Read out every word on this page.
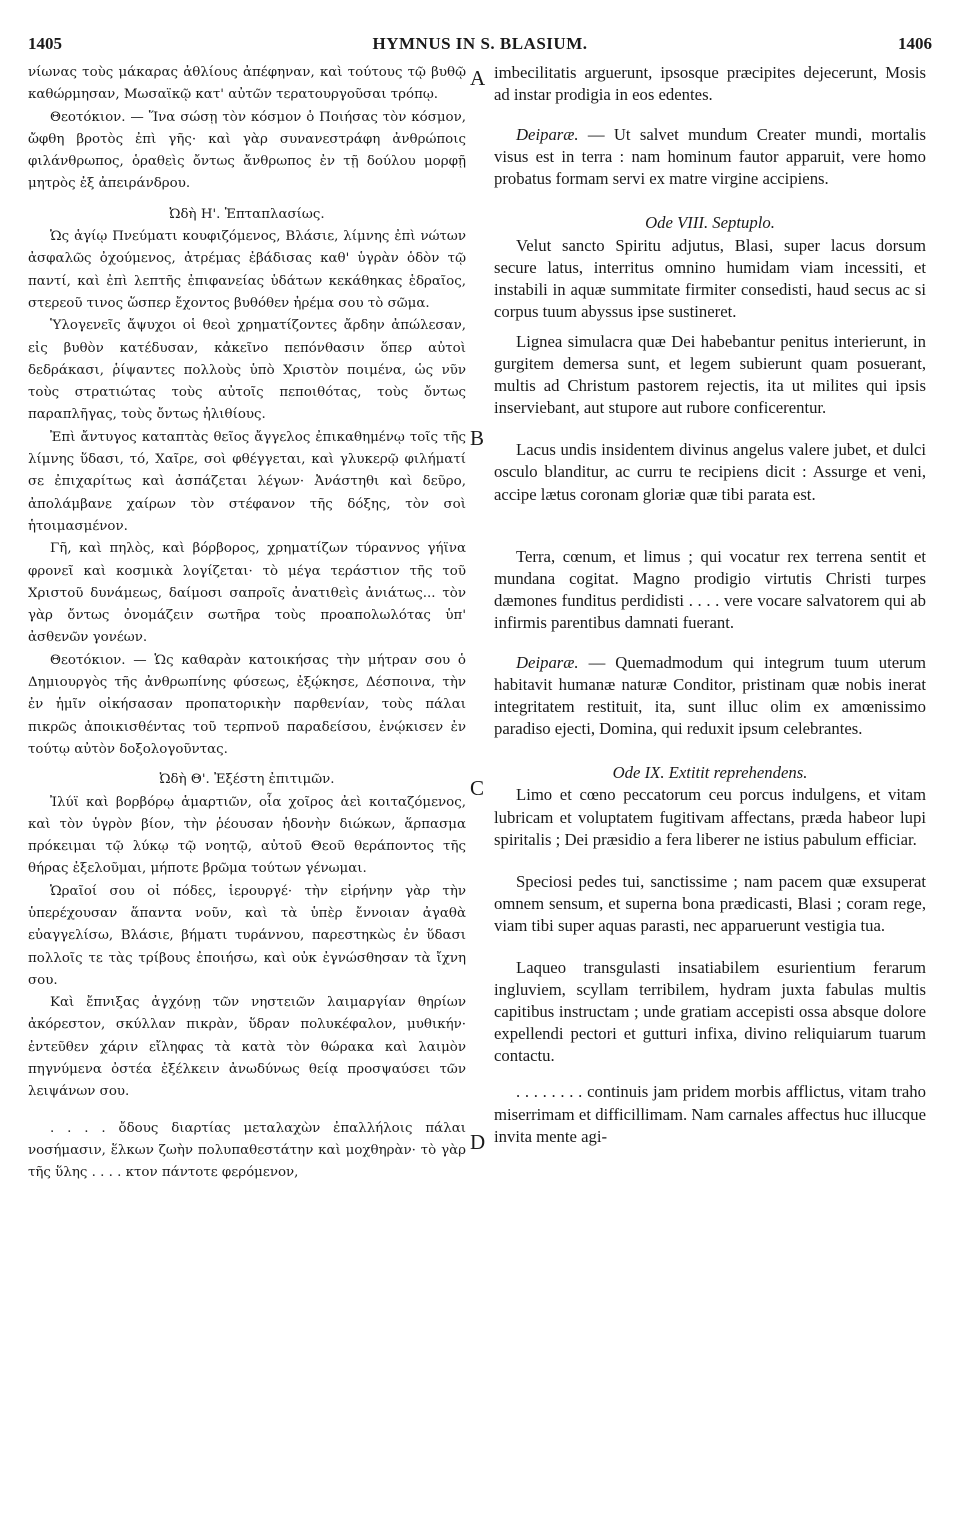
1405	HYMNUS IN S. BLASIUM.	1406

νίωνας τοὺς μάκαρας ἀθλίους ἀπέφηναν, καὶ τούτους τῷ βυθῷ καθώρμησαν, Μωσαϊκῷ κατ' αὐτῶν τερατουργοῦσαι τρόπῳ.

Θεοτόκιον. — Ἵνα σώσῃ τὸν κόσμον ὁ Ποιήσας τὸν κόσμον, ὤφθη βροτὸς ἐπὶ γῆς· καὶ γὰρ συνανεστράφη ἀνθρώποις φιλάνθρωπος, ὁραθεὶς ὄντως ἄνθρωπος ἐν τῇ δούλου μορφῇ μητρὸς ἐξ ἀπειράνδρου.

Ὠδὴ Η'. Ἑπταπλασίως.

Ὡς ἁγίῳ Πνεύματι κουφιζόμενος, Βλάσιε, λίμνης ἐπὶ νώτων ἀσφαλῶς ὀχούμενος, ἀτρέμας ἐβάδισας καθ' ὑγρὰν ὁδὸν τῷ παντί, καὶ ἐπὶ λεπτῆς ἐπιφανείας ὑδάτων κεκάθηκας ἑδραῖος, στερεοῦ τινος ὥσπερ ἔχοντος βυθόθεν ἠρέμα σου τὸ σῶμα.

Ὑλογενεῖς ἄψυχοι οἱ θεοὶ χρηματίζοντες ἄρδην ἀπώλεσαν, εἰς βυθὸν κατέδυσαν, κἀκεῖνο πεπόνθασιν ὅπερ αὐτοὶ δεδράκασι, ῥίψαντες πολλοὺς ὑπὸ Χριστὸν ποιμένα, ὡς νῦν τοὺς στρατιώτας τοὺς αὐτοῖς πεποιθότας, τοὺς ὄντως παραπλῆγας, τοὺς ὄντως ἠλιθίους.

Ἐπὶ ἄντυγος καταπτὰς θεῖος ἄγγελος ἐπικαθημένῳ τοῖς τῆς λίμνης ὕδασι, τό, Χαῖρε, σοὶ φθέγγεται, καὶ γλυκερῷ φιλήματί σε ἐπιχαρίτως καὶ ἀσπάζεται λέγων· Ἀνάστηθι καὶ δεῦρο, ἀπολάμβανε χαίρων τὸν στέφανον τῆς δόξης, τὸν σοὶ ἡτοιμασμένον.

Γῆ, καὶ πηλὸς, καὶ βόρβορος, χρηματίζων τύραννος γήϊνα φρονεῖ καὶ κοσμικὰ λογίζεται· τὸ μέγα τεράστιον τῆς τοῦ Χριστοῦ δυνάμεως, δαίμοσι σαπροῖς ἀνατιθεὶς ἀνιάτως... τὸν γὰρ ὄντως ὀνομάζειν σωτῆρα τοὺς προαπολωλότας ὑπ' ἀσθενῶν γονέων.

Θεοτόκιον. — Ὡς καθαρὰν κατοικήσας τὴν μήτραν σου ὁ Δημιουργὸς τῆς ἀνθρωπίνης φύσεως, ἐξῴκησε, Δέσποινα, τὴν ἐν ἡμῖν οἰκήσασαν προπατορικὴν παρθενίαν, τοὺς πάλαι πικρῶς ἀποικισθέντας τοῦ τερπνοῦ παραδείσου, ἐνῴκισεν ἐν τούτῳ αὐτὸν δοξολογοῦντας.

Ὠδὴ Θ'. Ἐξέστη ἐπιτιμῶν.

Ἰλύϊ καὶ βορβόρῳ ἁμαρτιῶν, οἷα χοῖρος ἀεὶ κοιταζόμενος, καὶ τὸν ὑγρὸν βίον, τὴν ῥέουσαν ἡδονὴν διώκων, ἅρπασμα πρόκειμαι τῷ λύκῳ τῷ νοητῷ, αὐτοῦ Θεοῦ θεράποντος τῆς θήρας ἐξελοῦμαι, μήποτε βρῶμα τούτων γένωμαι.

Ὡραῖοί σου οἱ πόδες, ἱερουργέ· τὴν εἰρήνην γὰρ τὴν ὑπερέχουσαν ἅπαντα νοῦν, καὶ τὰ ὑπὲρ ἔννοιαν ἀγαθὰ εὐαγγελίσω, Βλάσιε, βήματι τυράννου, παρεστηκὼς ἐν ὕδασι πολλοῖς τε τὰς τρίβους ἐποιήσω, καὶ οὐκ ἐγνώσθησαν τὰ ἴχνη σου.

Καὶ ἔπνιξας ἀγχόνῃ τῶν νηστειῶν λαιμαργίαν θηρίων ἀκόρεστον, σκύλλαν πικρὰν, ὕδραν πολυκέφαλον, μυθικήν· ἐντεῦθεν χάριν εἴληφας τὰ κατὰ τὸν θώρακα καὶ λαιμὸν πηγνύμενα ὀστέα ἐξέλκειν ἀνωδύνως θείᾳ προσψαύσει τῶν λειψάνων σου.

. . . . ὄδους διαρτίας μεταλαχὼν ἐπαλλήλοις πάλαι νοσήμασιν, ἕλκων ζωὴν πολυπαθεστάτην καὶ μοχθηρὰν· τὸ γὰρ τῆς ὕλης . . . . κτον πάντοτε φερόμενον,

A
B
C
D

imbecilitatis arguerunt, ipsosque præcipites dejecerunt, Mosis ad instar prodigia in eos edentes.

Deiparæ. — Ut salvet mundum Creater mundi, mortalis visus est in terra : nam hominum fautor apparuit, vere homo probatus formam servi ex matre virgine accipiens.

Ode VIII. Septuplo.

Velut sancto Spiritu adjutus, Blasi, super lacus dorsum secure latus, interritus omnino humidam viam incessiti, et instabili in aquæ summitate firmiter consedisti, haud secus ac si corpus tuum abyssus ipse sustineret.

Lignea simulacra quæ Dei habebantur penitus interierunt, in gurgitem demersa sunt, et legem subierunt quam posuerant, multis ad Christum pastorem rejectis, ita ut milites qui ipsis inserviebant, aut stupore aut rubore conficerentur.

Lacus undis insidentem divinus angelus valere jubet, et dulci osculo blanditur, ac curru te recipiens dicit : Assurge et veni, accipe lætus coronam gloriæ quæ tibi parata est.

Terra, cœnum, et limus ; qui vocatur rex terrena sentit et mundana cogitat. Magno prodigio virtutis Christi turpes dæmones funditus perdidisti . . . . vere vocare salvatorem qui ab infirmis parentibus damnati fuerant.

Deiparæ. — Quemadmodum qui integrum tuum uterum habitavit humanæ naturæ Conditor, pristinam quæ nobis inerat integritatem restituit, ita, sunt illuc olim ex amœnissimo paradiso ejecti, Domina, qui reduxit ipsum celebrantes.

Ode IX. Extitit reprehendens.

Limo et cœno peccatorum ceu porcus indulgens, et vitam lubricam et voluptatem fugitivam affectans, præda habeor lupi spiritalis ; Dei præsidio a fera liberer ne istius pabulum efficiar.

Speciosi pedes tui, sanctissime ; nam pacem quæ exsuperat omnem sensum, et superna bona prædicasti, Blasi ; coram rege, viam tibi super aquas parasti, nec apparuerunt vestigia tua.

Laqueo transgulasti insatiabilem esurientium ferarum ingluviem, scyllam terribilem, hydram juxta fabulas multis capitibus instructam ; unde gratiam accepisti ossa absque dolore expellendi pectori et gutturi infixa, divino reliquiarum tuarum contactu.

. . . . . . . . continuis jam pridem morbis afflictus, vitam traho miserrimam et difficillimam. Nam carnales affectus huc illucque invita mente agi-
